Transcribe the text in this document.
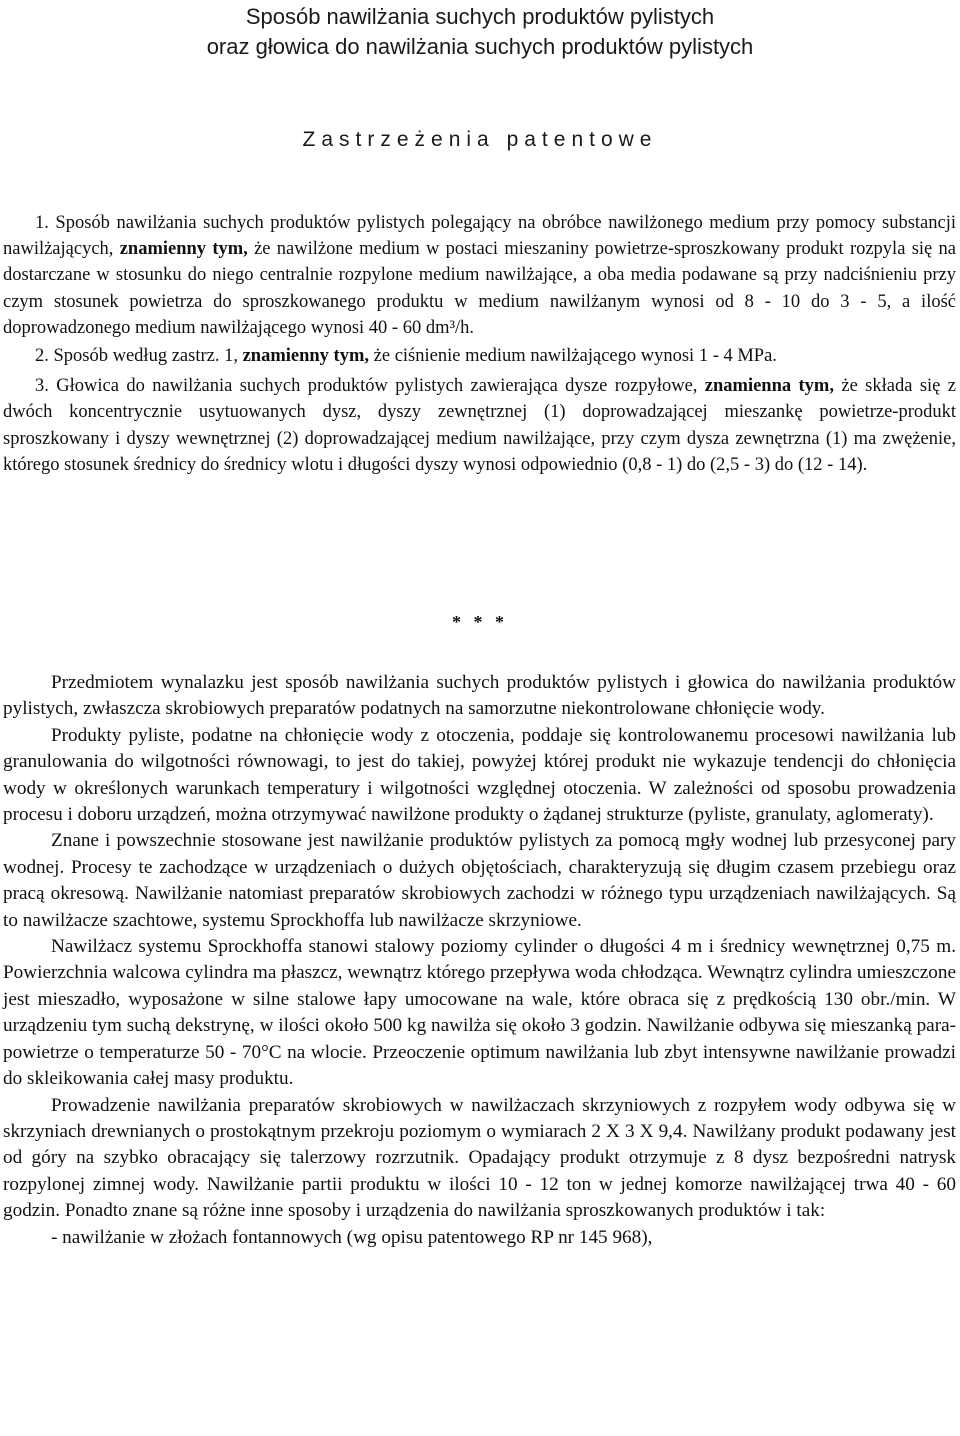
Sposób nawilżania suchych produktów pylistych
oraz głowica do nawilżania suchych produktów pylistych
Zastrzeżenia patentowe

1. Sposób nawilżania suchych produktów pylistych polegający na obróbce nawilżonego medium przy pomocy substancji nawilżających, znamienny tym, że nawilżone medium w postaci mieszaniny powietrze-sproszkowany produkt rozpyla się na dostarczane w stosunku do niego centralnie rozpylone medium nawilżające, a oba media podawane są przy nadciśnieniu przy czym stosunek powietrza do sproszkowanego produktu w medium nawilżanym wynosi od 8 - 10 do 3 - 5, a ilość doprowadzonego medium nawilżającego wynosi 40 - 60 dm³/h.

2. Sposób według zastrz. 1, znamienny tym, że ciśnienie medium nawilżającego wynosi 1 - 4 MPa.

3. Głowica do nawilżania suchych produktów pylistych zawierająca dysze rozpyłowe, znamienna tym, że składa się z dwóch koncentrycznie usytuowanych dysz, dyszy zewnętrznej (1) doprowadzającej mieszankę powietrze-produkt sproszkowany i dyszy wewnętrznej (2) doprowadzającej medium nawilżające, przy czym dysza zewnętrzna (1) ma zwężenie, którego stosunek średnicy do średnicy wlotu i długości dyszy wynosi odpowiednio (0,8 - 1) do (2,5 - 3) do (12 - 14).

* * *

Przedmiotem wynalazku jest sposób nawilżania suchych produktów pylistych i głowica do nawilżania produktów pylistych, zwłaszcza skrobiowych preparatów podatnych na samorzutne niekontrolowane chłonięcie wody.

Produkty pyliste, podatne na chłonięcie wody z otoczenia, poddaje się kontrolowanemu procesowi nawilżania lub granulowania do wilgotności równowagi, to jest do takiej, powyżej której produkt nie wykazuje tendencji do chłonięcia wody w określonych warunkach temperatury i wilgotności względnej otoczenia. W zależności od sposobu prowadzenia procesu i doboru urządzeń, można otrzymywać nawilżone produkty o żądanej strukturze (pyliste, granulaty, aglomeraty).

Znane i powszechnie stosowane jest nawilżanie produktów pylistych za pomocą mgły wodnej lub przesyconej pary wodnej. Procesy te zachodzące w urządzeniach o dużych objętościach, charakteryzują się długim czasem przebiegu oraz pracą okresową. Nawilżanie natomiast preparatów skrobiowych zachodzi w różnego typu urządzeniach nawilżających. Są to nawilżacze szachtowe, systemu Sprockhoffa lub nawilżacze skrzyniowe.

Nawilżacz systemu Sprockhoffa stanowi stalowy poziomy cylinder o długości 4 m i średnicy wewnętrznej 0,75 m. Powierzchnia walcowa cylindra ma płaszcz, wewnątrz którego przepływa woda chłodząca. Wewnątrz cylindra umieszczone jest mieszadło, wyposażone w silne stalowe łapy umocowane na wale, które obraca się z prędkością 130 obr./min. W urządzeniu tym suchą dekstrynę, w ilości około 500 kg nawilża się około 3 godzin. Nawilżanie odbywa się mieszanką para-powietrze o temperaturze 50 - 70°C na wlocie. Przeoczenie optimum nawilżania lub zbyt intensywne nawilżanie prowadzi do skleikowania całej masy produktu.

Prowadzenie nawilżania preparatów skrobiowych w nawilżaczach skrzyniowych z rozpyłem wody odbywa się w skrzyniach drewnianych o prostokątnym przekroju poziomym o wymiarach 2 X 3 X 9,4. Nawilżany produkt podawany jest od góry na szybko obracający się talerzowy rozrzutnik. Opadający produkt otrzymuje z 8 dysz bezpośredni natrysk rozpylonej zimnej wody. Nawilżanie partii produktu w ilości 10 - 12 ton w jednej komorze nawilżającej trwa 40 - 60 godzin. Ponadto znane są różne inne sposoby i urządzenia do nawilżania sproszkowanych produktów i tak:

- nawilżanie w złożach fontannowych (wg opisu patentowego RP nr 145 968),
